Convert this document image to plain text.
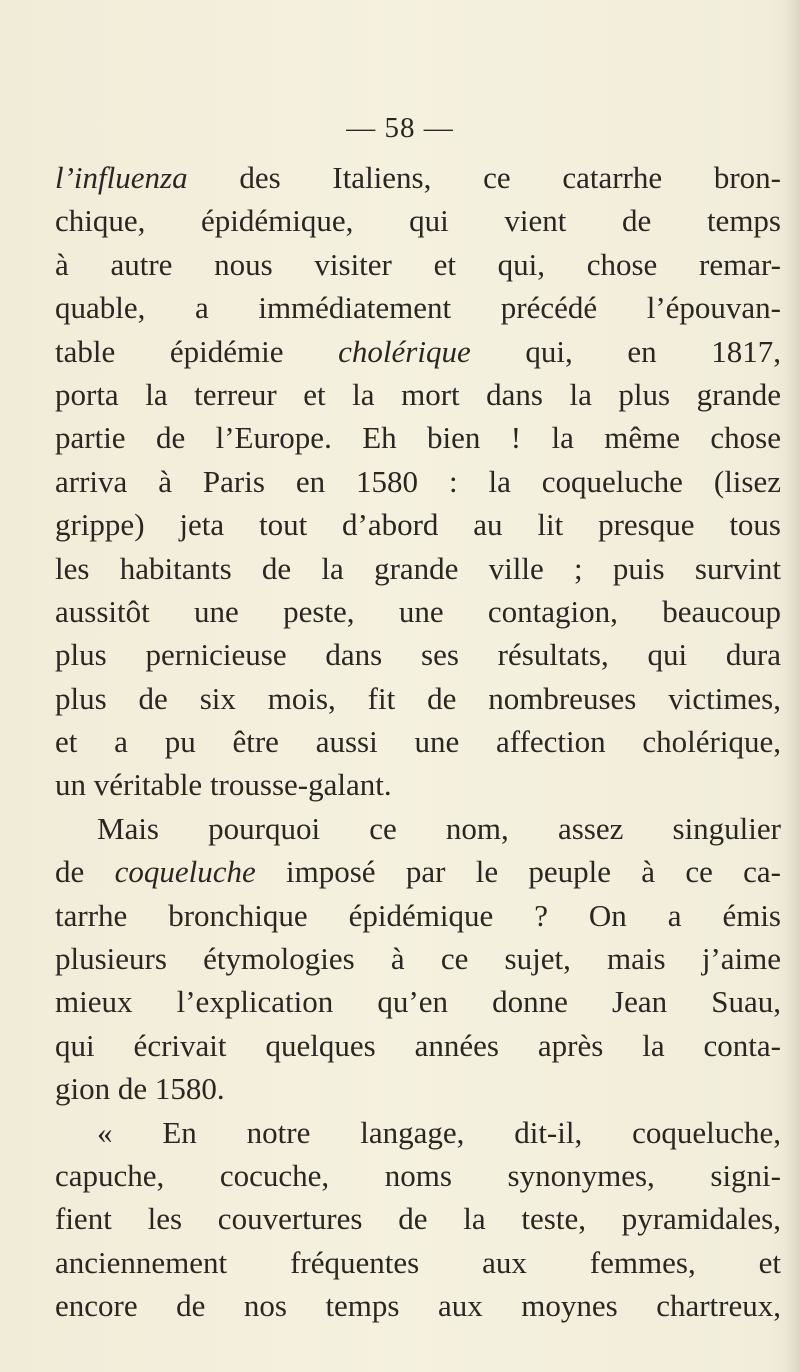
— 58 —
l’influenza des Italiens, ce catarrhe bron-
chique, épidémique, qui vient de temps
à autre nous visiter et qui, chose remar-
quable, a immédiatement précédé l’épouvan-
table épidémie cholérique qui, en 1817,
porta la terreur et la mort dans la plus grande
partie de l’Europe. Eh bien ! la même chose
arriva à Paris en 1580 : la coqueluche (lisez
grippe) jeta tout d’abord au lit presque tous
les habitants de la grande ville ; puis survint
aussitôt une peste, une contagion, beaucoup
plus pernicieuse dans ses résultats, qui dura
plus de six mois, fit de nombreuses victimes,
et a pu être aussi une affection cholérique,
un véritable trousse-galant.
Mais pourquoi ce nom, assez singulier
de coqueluche imposé par le peuple à ce ca-
tarrhe bronchique épidémique ? On a émis
plusieurs étymologies à ce sujet, mais j’aime
mieux l’explication qu’en donne Jean Suau,
qui écrivait quelques années après la conta-
gion de 1580.
« En notre langage, dit-il, coqueluche,
capuche, cocuche, noms synonymes, signi-
fient les couvertures de la teste, pyramidales,
anciennement fréquentes aux femmes, et
encore de nos temps aux moynes chartreux,
